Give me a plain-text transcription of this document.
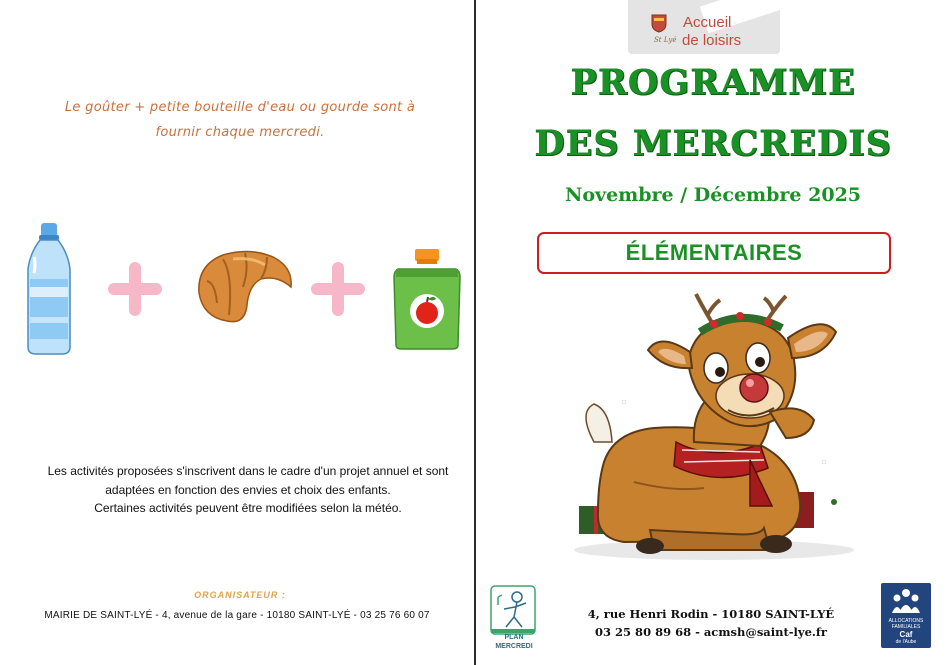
Le goûter + petite bouteille d'eau ou gourde sont à
fournir chaque mercredi.
Les activités proposées s'inscrivent dans le cadre d'un projet annuel et sont
adaptées en fonction des envies et choix des enfants.
Certaines activités peuvent être modifiées selon la météo.
ORGANISATEUR :
MAIRIE DE SAINT-LYÉ - 4, avenue de la gare - 10180 SAINT-LYÉ - 03 25 76 60 07
St Lyé
Accueil
de loisirs
PROGRAMME
DES MERCREDIS
Novembre / Décembre 2025
ÉLÉMENTAIRES
PLAN
MERCREDI
4, rue Henri Rodin - 10180 SAINT-LYÉ
03 25 80 89 68 - acmsh@saint-lye.fr
ALLOCATIONS
FAMILIALES
Caf
de l'Aube
